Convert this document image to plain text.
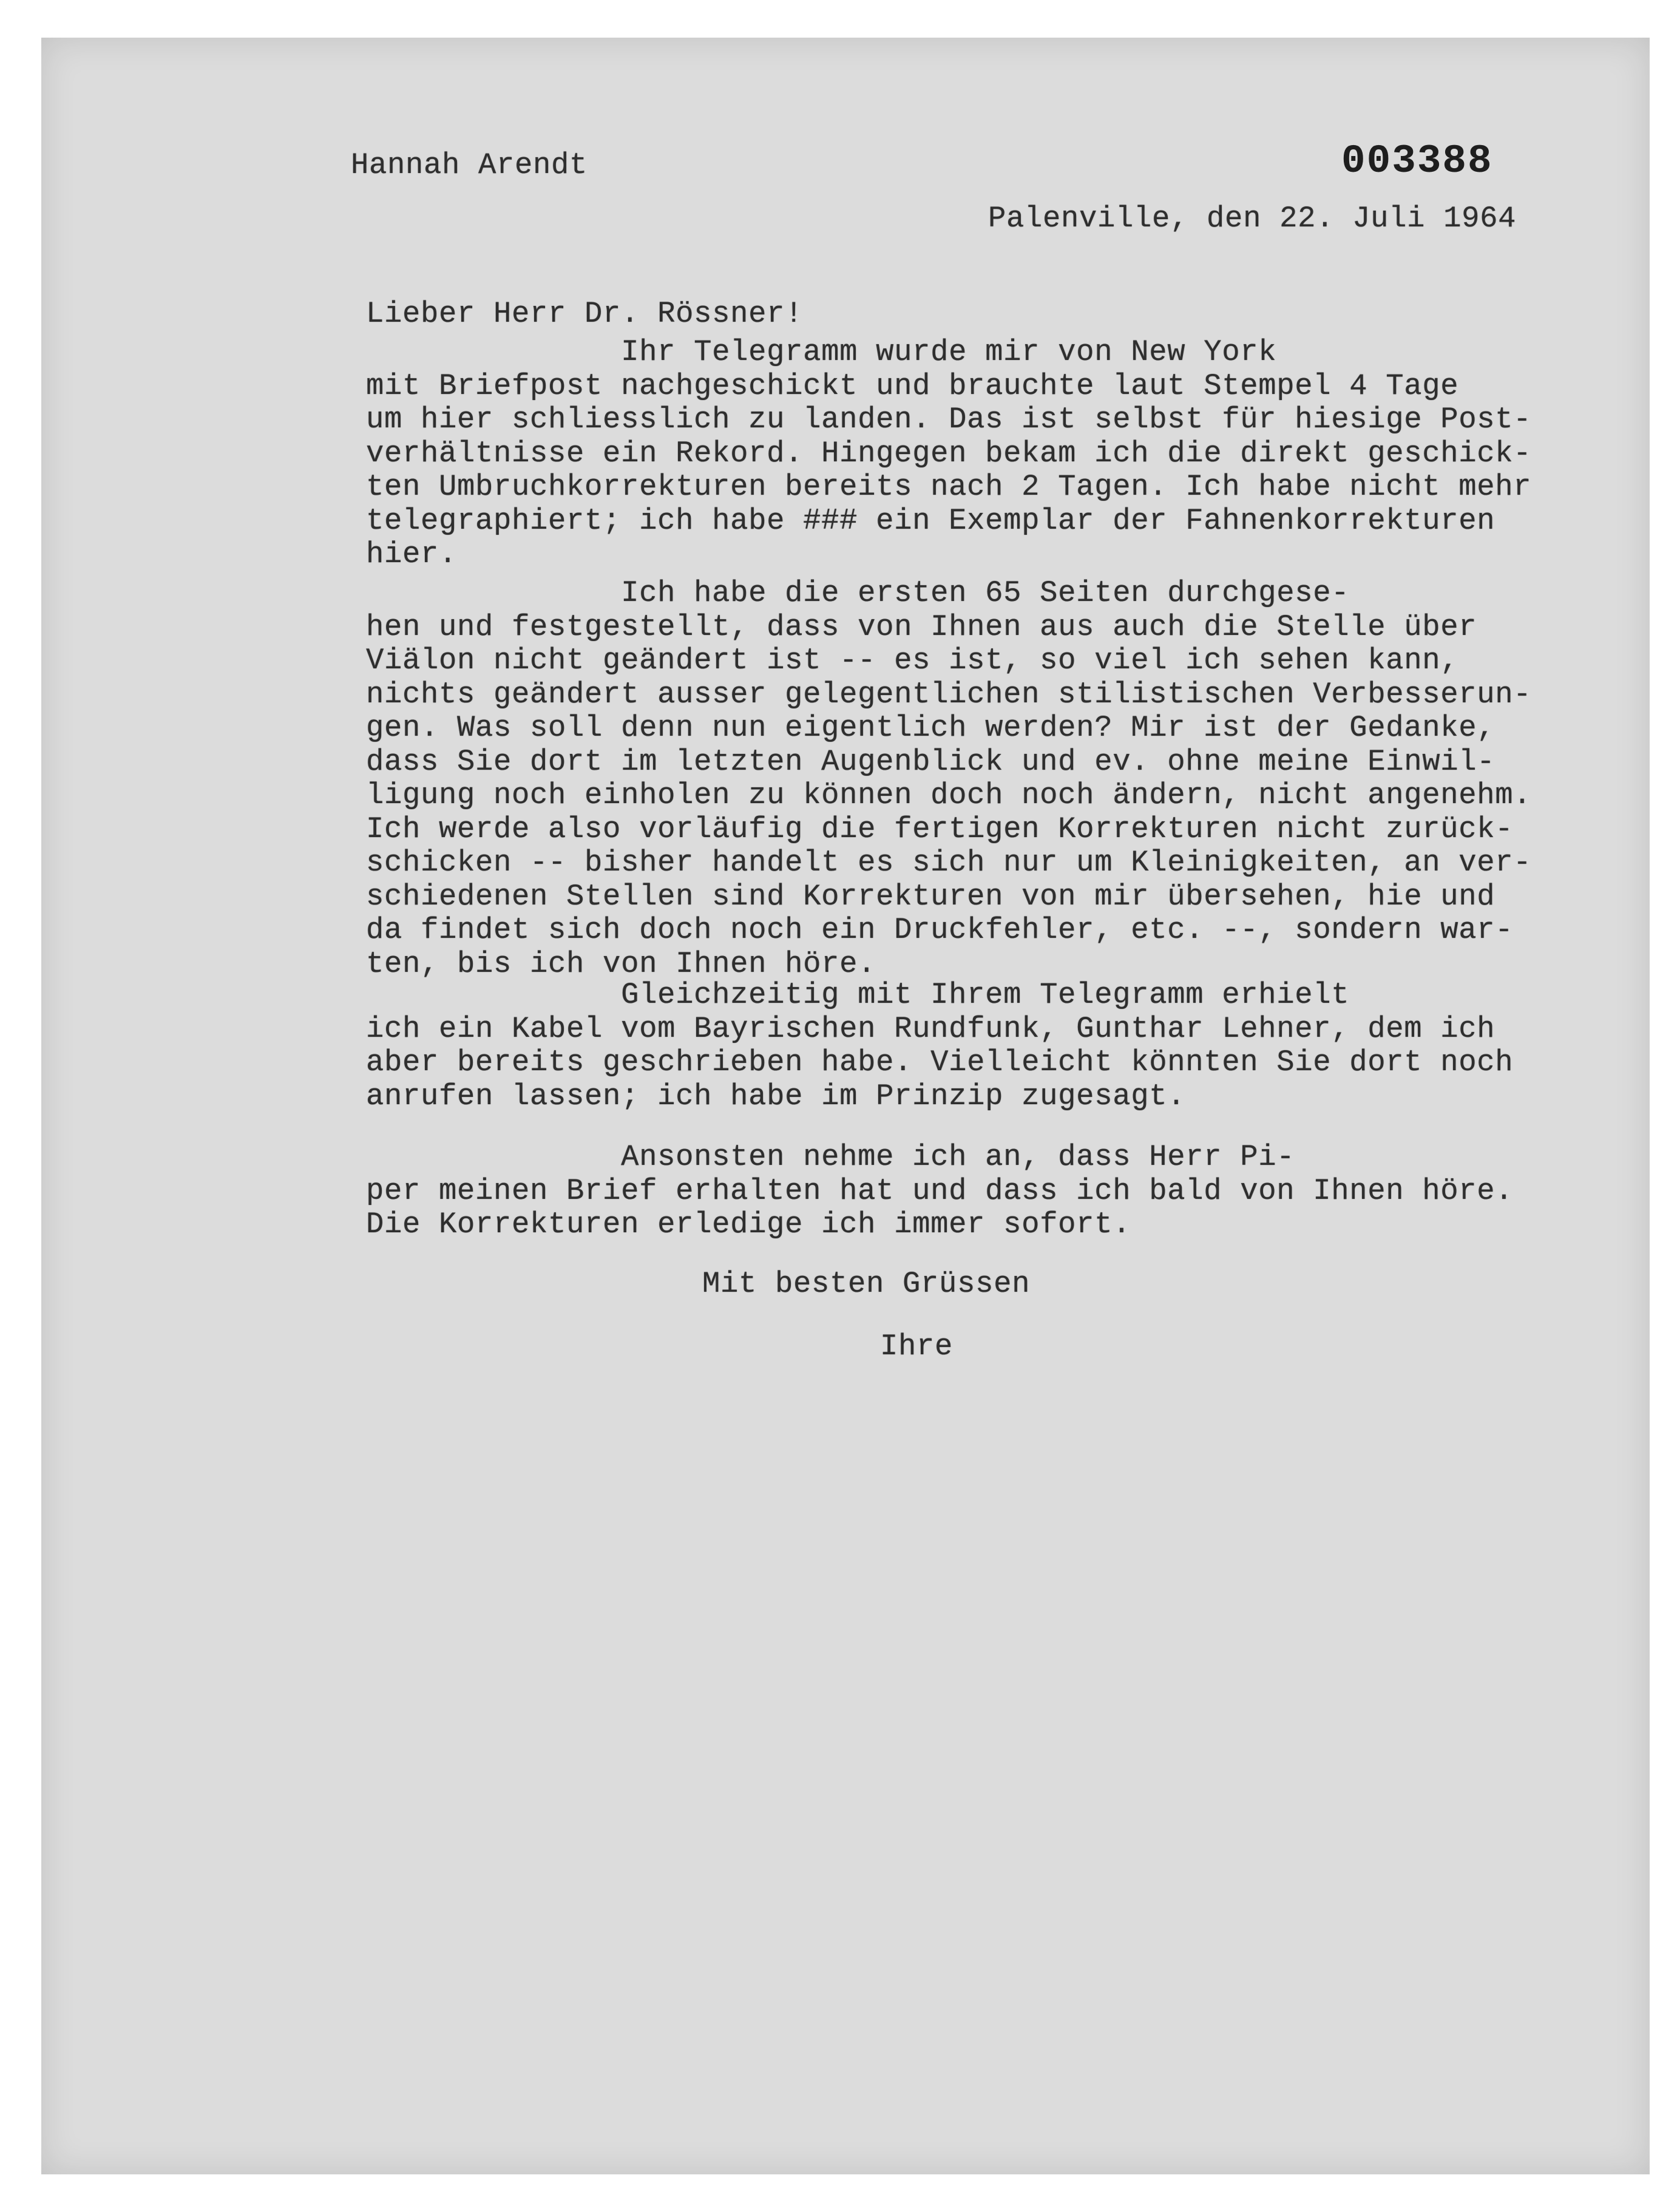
Hannah Arendt	003388
Palenville, den 22. Juli 1964
Lieber Herr Dr. Rössner!
Ihr Telegramm wurde mir von New York
mit Briefpost nachgeschickt und brauchte laut Stempel 4 Tage
um hier schliesslich zu landen. Das ist selbst für hiesige Post-
verhältnisse ein Rekord. Hingegen bekam ich die direkt geschick-
ten Umbruchkorrekturen bereits nach 2 Tagen. Ich habe nicht mehr
telegraphiert; ich habe ### ein Exemplar der Fahnenkorrekturen
hier.
Ich habe die ersten 65 Seiten durchgese-
hen und festgestellt, dass von Ihnen aus auch die Stelle über
Viälon nicht geändert ist -- es ist, so viel ich sehen kann,
nichts geändert ausser gelegentlichen stilistischen Verbesserun-
gen. Was soll denn nun eigentlich werden? Mir ist der Gedanke,
dass Sie dort im letzten Augenblick und ev. ohne meine Einwil-
ligung noch einholen zu können doch noch ändern, nicht angenehm.
Ich werde also vorläufig die fertigen Korrekturen nicht zurück-
schicken -- bisher handelt es sich nur um Kleinigkeiten, an ver-
schiedenen Stellen sind Korrekturen von mir übersehen, hie und
da findet sich doch noch ein Druckfehler, etc. --, sondern war-
ten, bis ich von Ihnen höre.
Gleichzeitig mit Ihrem Telegramm erhielt
ich ein Kabel vom Bayrischen Rundfunk, Gunthar Lehner, dem ich
aber bereits geschrieben habe. Vielleicht könnten Sie dort noch
anrufen lassen; ich habe im Prinzip zugesagt.
Ansonsten nehme ich an, dass Herr Pi-
per meinen Brief erhalten hat und dass ich bald von Ihnen höre.
Die Korrekturen erledige ich immer sofort.
Mit besten Grüssen
Ihre
